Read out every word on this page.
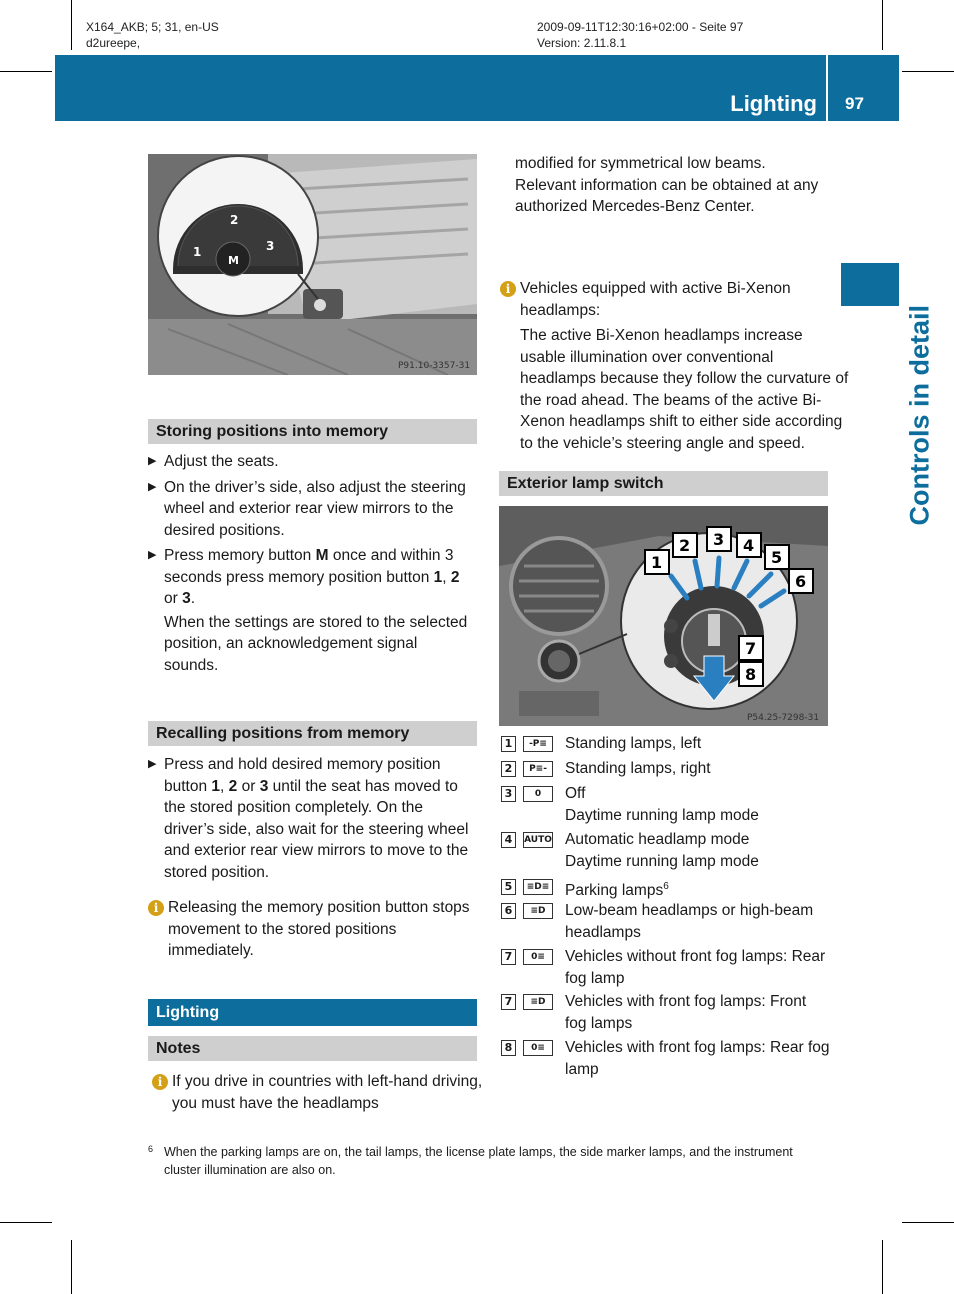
X164_AKB; 5; 31, en-US
d2ureepe,
2009-09-11T12:30:16+02:00 - Seite 97
Version: 2.11.8.1
Lighting 97
Controls in detail
M
1
2
3
P91.10-3357-31
Storing positions into memory
▶ Adjust the seats.
▶ On the driver’s side, also adjust the steering wheel and exterior rear view mirrors to the desired positions.
▶ Press memory button M once and within 3 seconds press memory position button 1, 2 or 3.
When the settings are stored to the selected position, an acknowledgement signal sounds.
Recalling positions from memory
▶ Press and hold desired memory position button 1, 2 or 3 until the seat has moved to the stored position completely. On the driver’s side, also wait for the steering wheel and exterior rear view mirrors to move to the stored position.
i Releasing the memory position button stops movement to the stored positions immediately.
Lighting
Notes
i If you drive in countries with left-hand driving, you must have the headlamps
modified for symmetrical low beams. Relevant information can be obtained at any authorized Mercedes-Benz Center.
i Vehicles equipped with active Bi-Xenon headlamps:
The active Bi-Xenon headlamps increase usable illumination over conventional headlamps because they follow the curvature of the road ahead. The beams of the active Bi-Xenon headlamps shift to either side according to the vehicle’s steering angle and speed.
Exterior lamp switch
1
2 3 4
5
6
7
8
P54.25-7298-31
1	-P≡	Standing lamps, left
2	P≡-	Standing lamps, right
3	0	Off
Daytime running lamp mode
4	AUTO Automatic headlamp mode
Daytime running lamp mode
5	≡D≡ Parking lamps$^6$
6	≡D	Low-beam headlamps or high-beam headlamps
7	0≡	Vehicles without front fog lamps: Rear fog lamp
7	≡D	Vehicles with front fog lamps: Front fog lamps
8	0≡	Vehicles with front fog lamps: Rear fog lamp
6 When the parking lamps are on, the tail lamps, the license plate lamps, the side marker lamps, and the instrument cluster illumination are also on.
